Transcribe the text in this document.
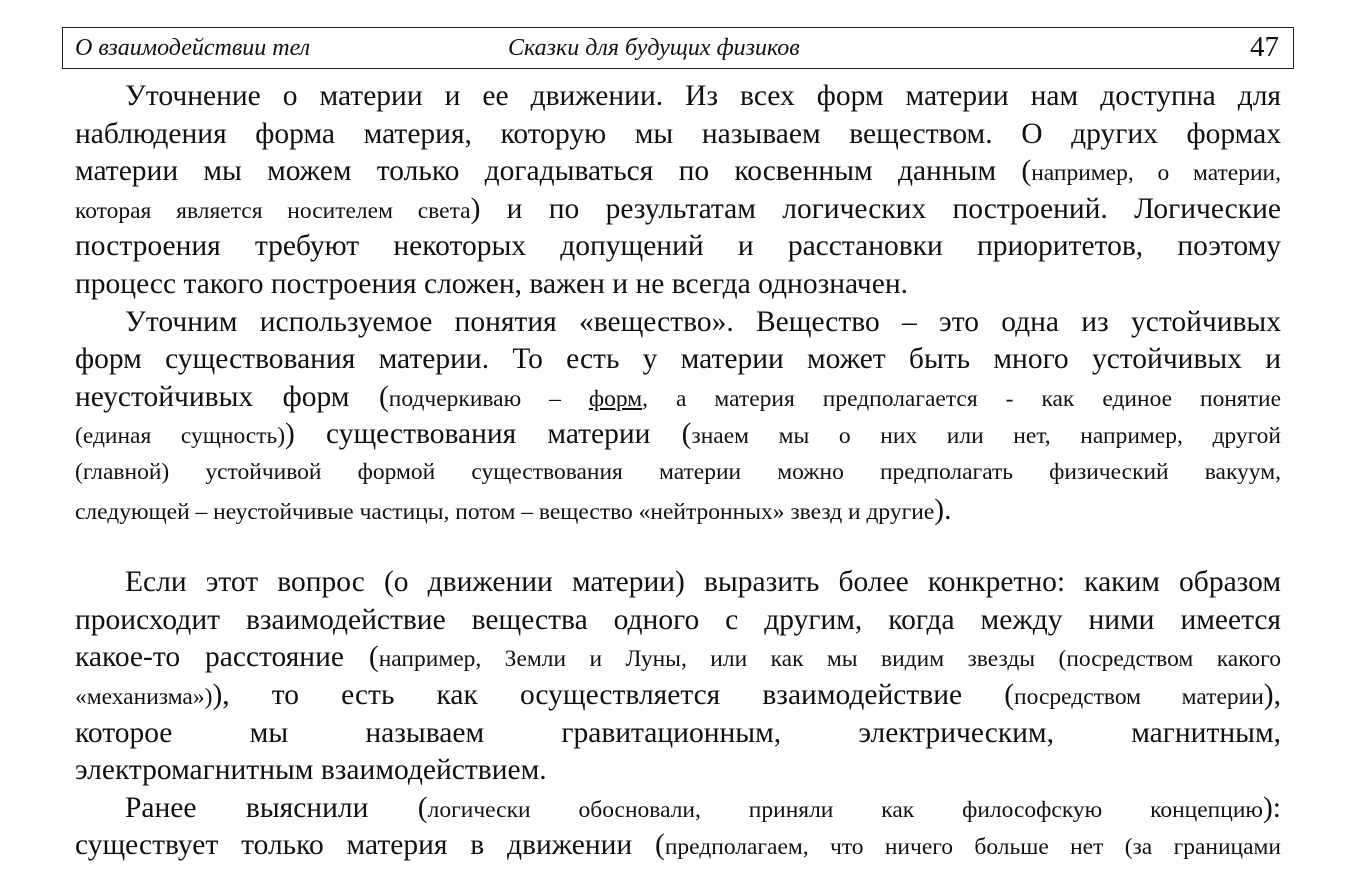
О взаимодействии тел	Сказки для будущих физиков	47
Уточнение о материи и ее движении. Из всех форм материи нам доступна для
наблюдения форма материя, которую мы называем веществом. О других формах
материи мы можем только догадываться по косвенным данным (например, о материи,
которая является носителем света) и по результатам логических построений. Логические
построения требуют некоторых допущений и расстановки приоритетов, поэтому
процесс такого построения сложен, важен и не всегда однозначен.
Уточним используемое понятия «вещество». Вещество – это одна из устойчивых
форм существования материи. То есть у материи может быть много устойчивых и
неустойчивых форм (подчеркиваю – форм, а материя предполагается - как единое понятие
(единая сущность)) существования материи (знаем мы о них или нет, например, другой
(главной) устойчивой формой существования материи можно предполагать физический вакуум,
следующей – неустойчивые частицы, потом – вещество «нейтронных» звезд и другие).
Если этот вопрос (о движении материи) выразить более конкретно: каким образом
происходит взаимодействие вещества одного с другим, когда между ними имеется
какое-то расстояние (например, Земли и Луны, или как мы видим звезды (посредством какого
«механизма»)), то есть как осуществляется взаимодействие (посредством материи),
которое мы называем гравитационным, электрическим, магнитным,
электромагнитным взаимодействием.
Ранее выяснили (логически обосновали, приняли как философскую концепцию):
существует только материя в движении (предполагаем, что ничего больше нет (за границами
